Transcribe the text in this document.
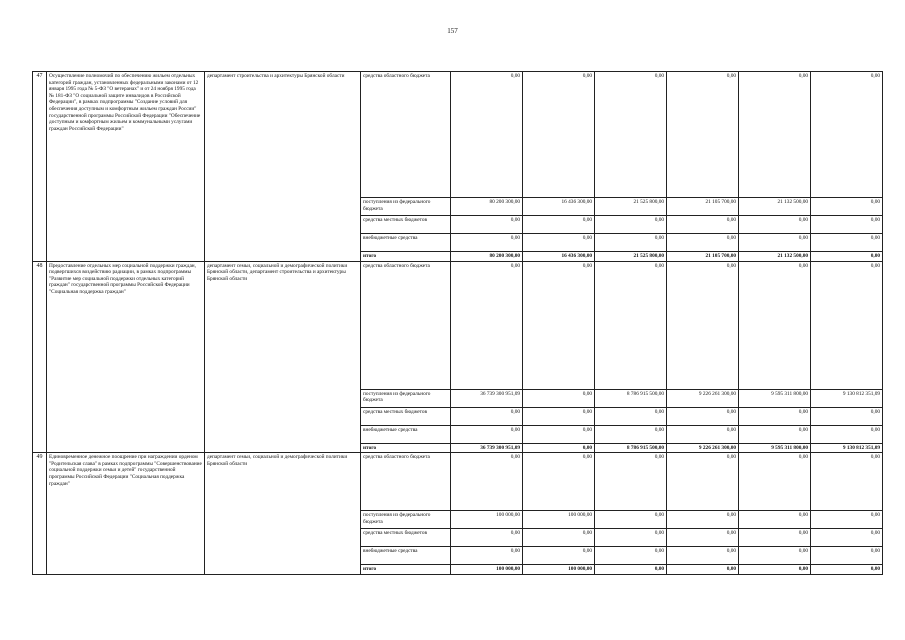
157
47	Осуществление полномочий по обеспечению жильем отдельных категорий граждан, установленных федеральными законами от 12 января 1995 года № 5-ФЗ "О ветеранах" и от 24 ноября 1995 года № 181-ФЗ "О социальной защите инвалидов в Российской Федерации", в рамках подпрограммы "Создание условий для обеспечения доступным и комфортным жильем граждан России" государственной программы Российской Федерации "Обеспечение доступным и комфортным жильем и коммунальными услугами граждан Российской Федерации"	департамент строительства и архитектуры Брянской области	средства областного бюджета	0,00	0,00	0,00	0,00	0,00	0,00
			поступления из федерального бюджета	80 200 300,00	16 436 300,00	21 525 800,00	21 105 700,00	21 132 500,00	0,00
			средства местных бюджетов	0,00	0,00	0,00	0,00	0,00	0,00
			внебюджетные средства	0,00	0,00	0,00	0,00	0,00	0,00
			итого	80 200 300,00	16 436 300,00	21 525 800,00	21 105 700,00	21 132 500,00	0,00
48	Предоставление отдельных мер социальной поддержки граждан, подвергшихся воздействию радиации, в рамках подпрограммы "Развитие мер социальной поддержки отдельных категорий граждан" государственной программы Российской Федерации "Социальная поддержка граждан"	департамент семьи, социальной и демографической политики Брянской области, департамент строительства и архитектуры Брянской области	средства областного бюджета	0,00	0,00	0,00	0,00	0,00	0,00
			поступления из федерального бюджета	36 739 300 951,09	0,00	8 786 915 500,00	9 226 261 300,00	9 595 311 800,00	9 130 812 351,09
			средства местных бюджетов	0,00	0,00	0,00	0,00	0,00	0,00
			внебюджетные средства	0,00	0,00	0,00	0,00	0,00	0,00
			итого	36 739 300 951,09	0,00	8 786 915 500,00	9 226 261 300,00	9 595 311 800,00	9 130 812 351,09
49	Единовременное денежное поощрение при награждении орденом "Родительская слава" в рамках подпрограммы "Совершенствование социальной поддержки семьи и детей" государственной программы Российской Федерации "Социальная поддержка граждан"	департамент семьи, социальной и демографической политики Брянской области	средства областного бюджета	0,00	0,00	0,00	0,00	0,00	0,00
			поступления из федерального бюджета	100 000,00	100 000,00	0,00	0,00	0,00	0,00
			средства местных бюджетов	0,00	0,00	0,00	0,00	0,00	0,00
			внебюджетные средства	0,00	0,00	0,00	0,00	0,00	0,00
			итого	100 000,00	100 000,00	0,00	0,00	0,00	0,00
